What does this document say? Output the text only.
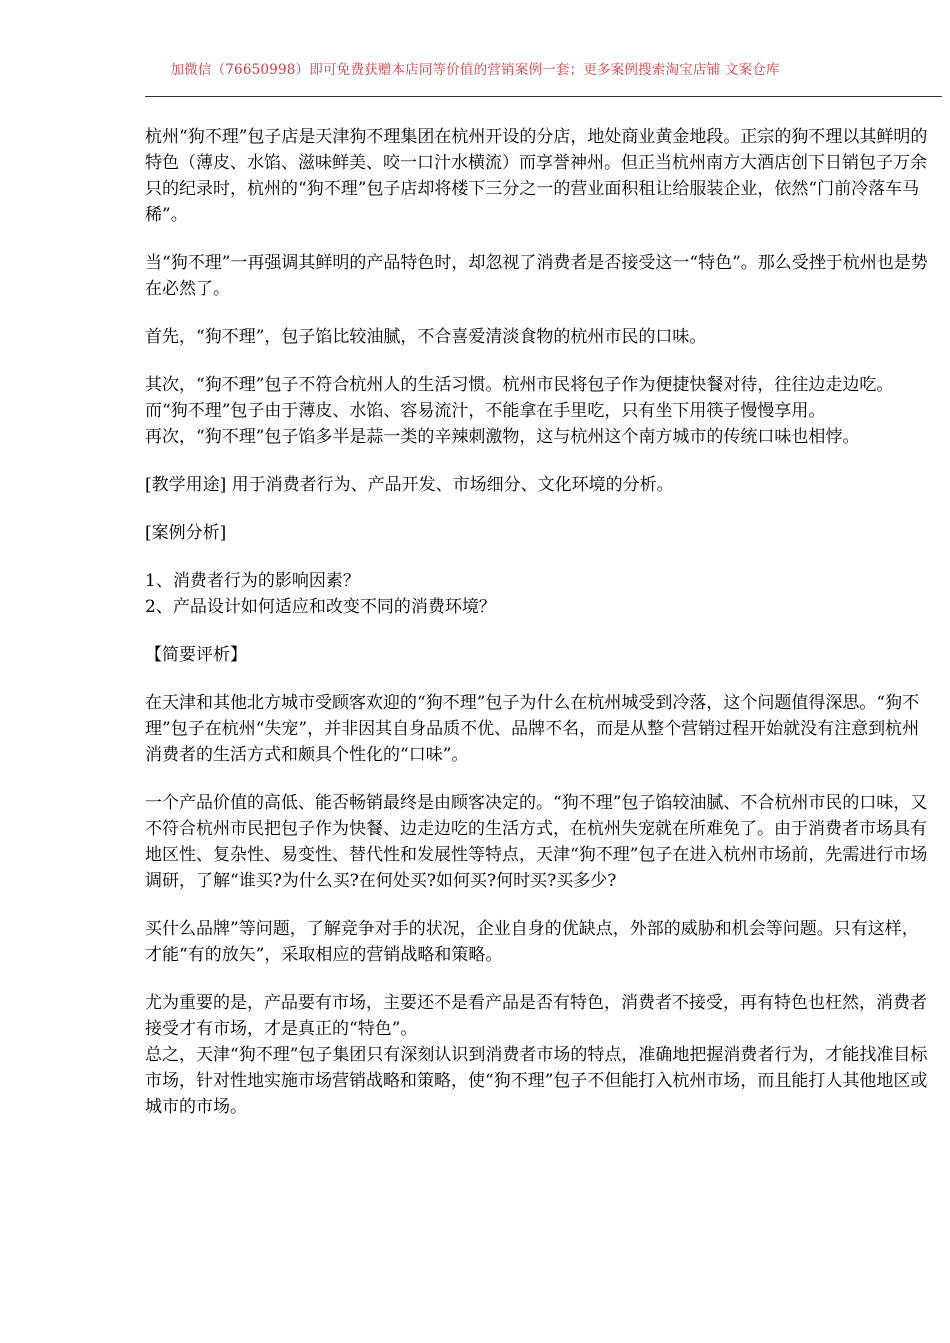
加微信（76650998）即可免费获赠本店同等价值的营销案例一套；更多案例搜索淘宝店铺 文案仓库

杭州“狗不理”包子店是天津狗不理集团在杭州开设的分店，地处商业黄金地段。正宗的狗不理以其鲜明的特色（薄皮、水馅、滋味鲜美、咬一口汁水横流）而享誉神州。但正当杭州南方大酒店创下日销包子万余只的纪录时，杭州的“狗不理”包子店却将楼下三分之一的营业面积租让给服装企业，依然“门前冷落车马稀”。

当“狗不理”一再强调其鲜明的产品特色时，却忽视了消费者是否接受这一“特色”。那么受挫于杭州也是势在必然了。

首先，“狗不理”，包子馅比较油腻，不合喜爱清淡食物的杭州市民的口味。

其次，“狗不理”包子不符合杭州人的生活习惯。杭州市民将包子作为便捷快餐对待，往往边走边吃。而“狗不理”包子由于薄皮、水馅、容易流汁，不能拿在手里吃，只有坐下用筷子慢慢享用。

再次，“狗不理”包子馅多半是蒜一类的辛辣刺激物，这与杭州这个南方城市的传统口味也相悖。

[教学用途] 用于消费者行为、产品开发、市场细分、文化环境的分析。

[案例分析]

1、消费者行为的影响因素？

2、产品设计如何适应和改变不同的消费环境？

【简要评析】

在天津和其他北方城市受顾客欢迎的“狗不理”包子为什么在杭州城受到冷落，这个问题值得深思。“狗不理”包子在杭州“失宠”，并非因其自身品质不优、品牌不名，而是从整个营销过程开始就没有注意到杭州消费者的生活方式和颇具个性化的“口味”。

一个产品价值的高低、能否畅销最终是由顾客决定的。“狗不理”包子馅较油腻、不合杭州市民的口味，又不符合杭州市民把包子作为快餐、边走边吃的生活方式，在杭州失宠就在所难免了。由于消费者市场具有地区性、复杂性、易变性、替代性和发展性等特点，天津“狗不理”包子在进入杭州市场前，先需进行市场调研，了解“谁买?为什么买?在何处买?如何买?何时买?买多少?

买什么品牌”等问题，了解竞争对手的状况，企业自身的优缺点，外部的威胁和机会等问题。只有这样，才能“有的放矢”，采取相应的营销战略和策略。

尤为重要的是，产品要有市场，主要还不是看产品是否有特色，消费者不接受，再有特色也枉然，消费者接受才有市场，才是真正的“特色”。

总之，天津“狗不理”包子集团只有深刻认识到消费者市场的特点，准确地把握消费者行为，才能找准目标市场，针对性地实施市场营销战略和策略，使“狗不理”包子不但能打入杭州市场，而且能打人其他地区或城市的市场。
